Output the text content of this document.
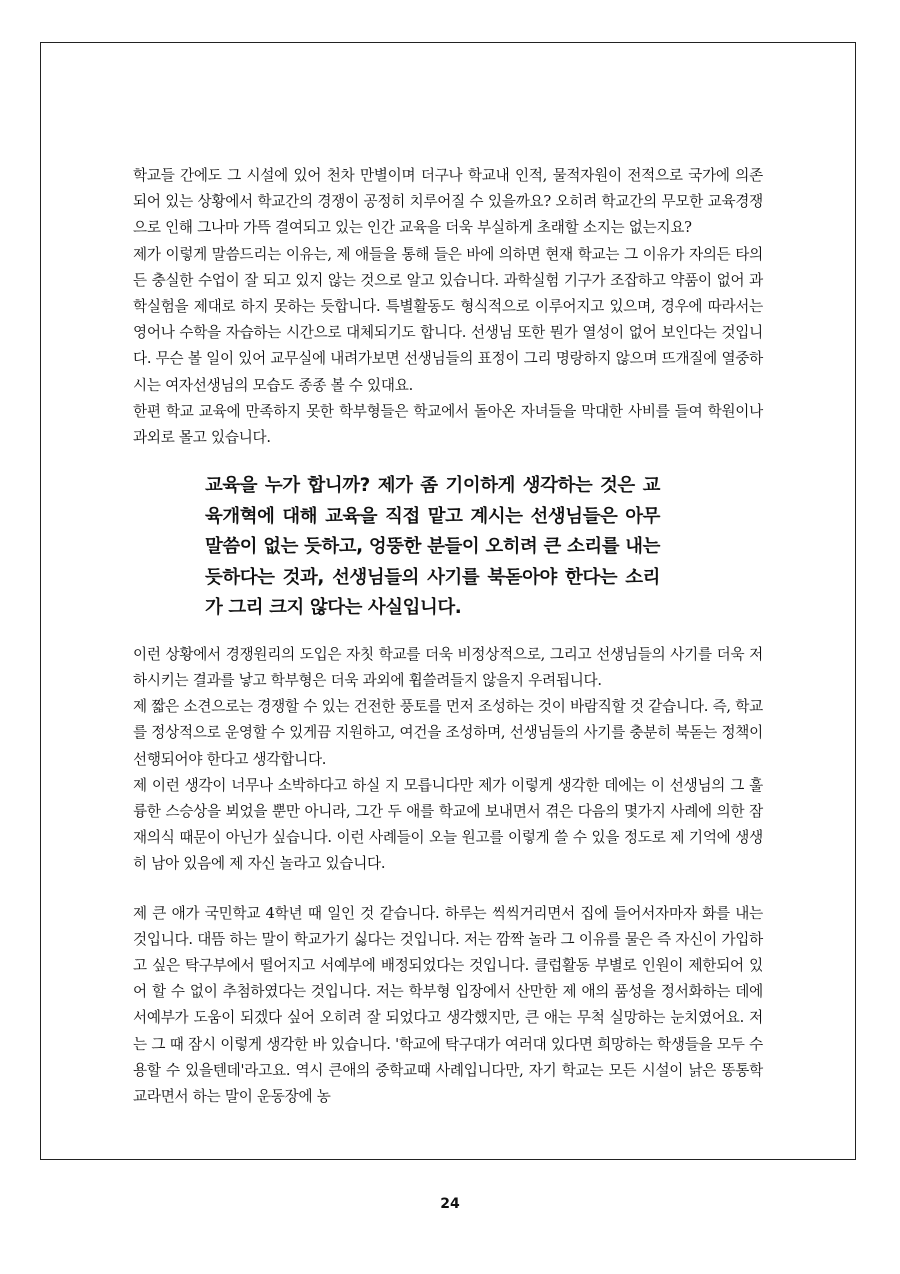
학교들 간에도 그 시설에 있어 천차 만별이며 더구나 학교내 인적, 물적자원이 전적으로 국가에 의존 되어 있는 상황에서 학교간의 경쟁이 공정히 치루어질 수 있을까요? 오히려 학교간의 무모한 교육경쟁으로 인해 그나마 가뜩 결여되고 있는 인간 교육을 더욱 부실하게 초래할 소지는 없는지요?

제가 이렇게 말씀드리는 이유는, 제 애들을 통해 들은 바에 의하면 현재 학교는 그 이유가 자의든 타의든 충실한 수업이 잘 되고 있지 않는 것으로 알고 있습니다. 과학실험 기구가 조잡하고 약품이 없어 과학실험을 제대로 하지 못하는 듯합니다. 특별활동도 형식적으로 이루어지고 있으며, 경우에 따라서는 영어나 수학을 자습하는 시간으로 대체되기도 합니다. 선생님 또한 뭔가 열성이 없어 보인다는 것입니다. 무슨 볼 일이 있어 교무실에 내려가보면 선생님들의 표정이 그리 명랑하지 않으며 뜨개질에 열중하시는 여자선생님의 모습도 종종 볼 수 있대요.

한편 학교 교육에 만족하지 못한 학부형들은 학교에서 돌아온 자녀들을 막대한 사비를 들여 학원이나 과외로 몰고 있습니다.

교육을 누가 합니까? 제가 좀 기이하게 생각하는 것은 교육개혁에 대해 교육을 직접 맡고 계시는 선생님들은 아무 말씀이 없는 듯하고, 엉뚱한 분들이 오히려 큰 소리를 내는 듯하다는 것과, 선생님들의 사기를 북돋아야 한다는 소리가 그리 크지 않다는 사실입니다.

이런 상황에서 경쟁원리의 도입은 자칫 학교를 더욱 비정상적으로, 그리고 선생님들의 사기를 더욱 저하시키는 결과를 낳고 학부형은 더욱 과외에 휩쓸려들지 않을지 우려됩니다.

제 짧은 소견으로는 경쟁할 수 있는 건전한 풍토를 먼저 조성하는 것이 바람직할 것 같습니다. 즉, 학교를 정상적으로 운영할 수 있게끔 지원하고, 여건을 조성하며, 선생님들의 사기를 충분히 북돋는 정책이 선행되어야 한다고 생각합니다.

제 이런 생각이 너무나 소박하다고 하실 지 모릅니다만 제가 이렇게 생각한 데에는 이 선생님의 그 훌륭한 스승상을 뵈었을 뿐만 아니라, 그간 두 애를 학교에 보내면서 겪은 다음의 몇가지 사례에 의한 잠재의식 때문이 아닌가 싶습니다. 이런 사례들이 오늘 원고를 이렇게 쓸 수 있을 정도로 제 기억에 생생히 남아 있음에 제 자신 놀라고 있습니다.

제 큰 애가 국민학교 4학년 때 일인 것 같습니다. 하루는 씩씩거리면서 집에 들어서자마자 화를 내는 것입니다. 대뜸 하는 말이 학교가기 싫다는 것입니다. 저는 깜짝 놀라 그 이유를 물은 즉 자신이 가입하고 싶은 탁구부에서 떨어지고 서예부에 배정되었다는 것입니다. 클럽활동 부별로 인원이 제한되어 있어 할 수 없이 추첨하였다는 것입니다. 저는 학부형 입장에서 산만한 제 애의 품성을 정서화하는 데에 서예부가 도움이 되겠다 싶어 오히려 잘 되었다고 생각했지만, 큰 애는 무척 실망하는 눈치였어요. 저는 그 때 잠시 이렇게 생각한 바 있습니다. '학교에 탁구대가 여러대 있다면 희망하는 학생들을 모두 수용할 수 있을텐데'라고요. 역시 큰애의 중학교때 사례입니다만, 자기 학교는 모든 시설이 낡은 똥통학교라면서 하는 말이 운동장에 농

24
